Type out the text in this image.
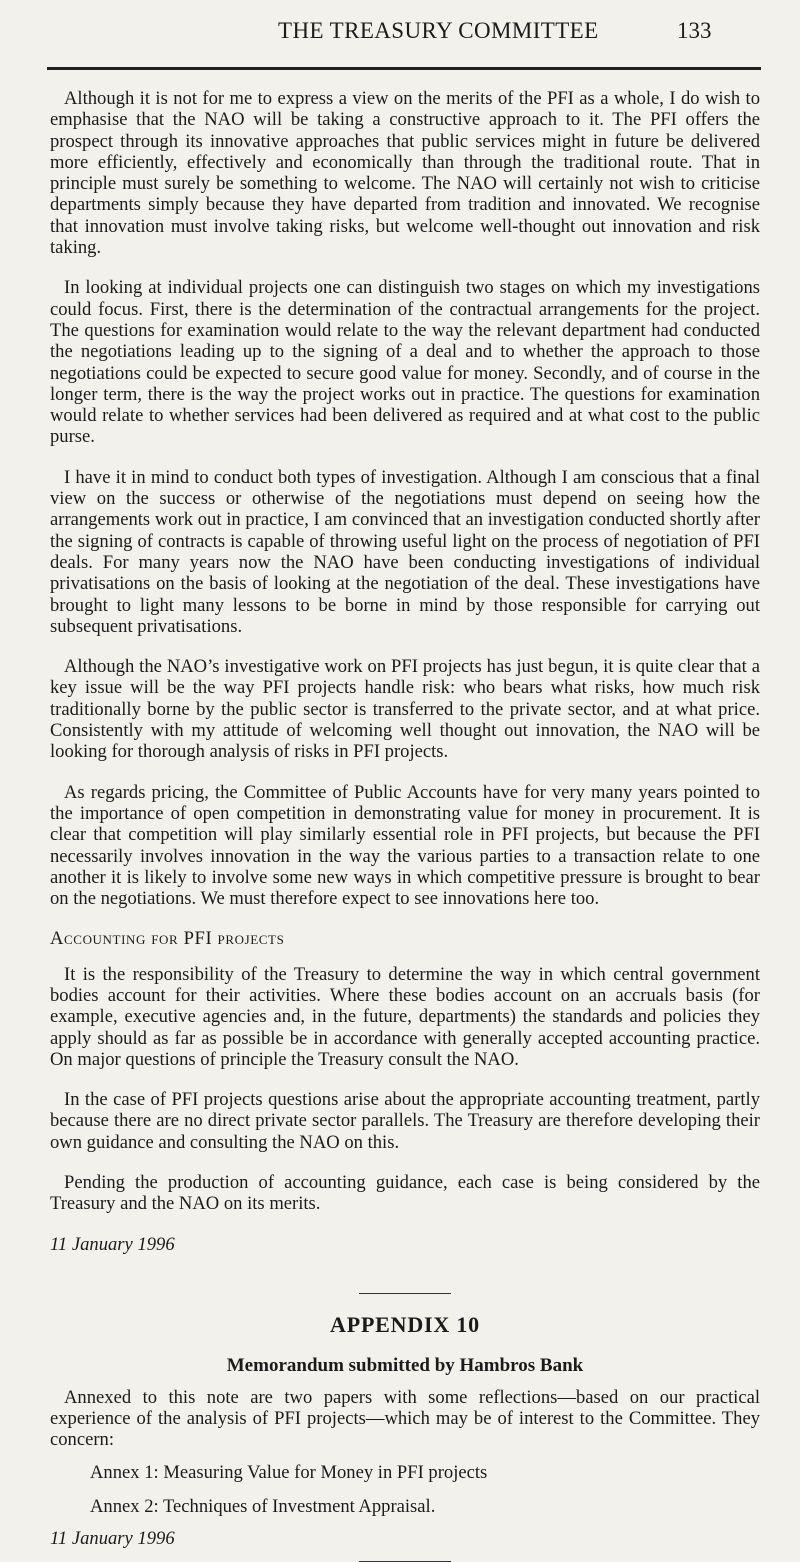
THE TREASURY COMMITTEE	133

Although it is not for me to express a view on the merits of the PFI as a whole, I do wish to emphasise that the NAO will be taking a constructive approach to it. The PFI offers the prospect through its innovative approaches that public services might in future be delivered more efficiently, effectively and economically than through the traditional route. That in principle must surely be something to welcome. The NAO will certainly not wish to criticise departments simply because they have departed from tradition and innovated. We recognise that innovation must involve taking risks, but welcome well-thought out innovation and risk taking.

In looking at individual projects one can distinguish two stages on which my investigations could focus. First, there is the determination of the contractual arrangements for the project. The questions for examination would relate to the way the relevant department had conducted the negotiations leading up to the signing of a deal and to whether the approach to those negotiations could be expected to secure good value for money. Secondly, and of course in the longer term, there is the way the project works out in practice. The questions for examination would relate to whether services had been delivered as required and at what cost to the public purse.

I have it in mind to conduct both types of investigation. Although I am conscious that a final view on the success or otherwise of the negotiations must depend on seeing how the arrangements work out in practice, I am convinced that an investigation conducted shortly after the signing of contracts is capable of throwing useful light on the process of negotiation of PFI deals. For many years now the NAO have been conducting investigations of individual privatisations on the basis of looking at the negotiation of the deal. These investigations have brought to light many lessons to be borne in mind by those responsible for carrying out subsequent privatisations.

Although the NAO’s investigative work on PFI projects has just begun, it is quite clear that a key issue will be the way PFI projects handle risk: who bears what risks, how much risk traditionally borne by the public sector is transferred to the private sector, and at what price. Consistently with my attitude of welcoming well thought out innovation, the NAO will be looking for thorough analysis of risks in PFI projects.

As regards pricing, the Committee of Public Accounts have for very many years pointed to the importance of open competition in demonstrating value for money in procurement. It is clear that competition will play similarly essential role in PFI projects, but because the PFI necessarily involves innovation in the way the various parties to a transaction relate to one another it is likely to involve some new ways in which competitive pressure is brought to bear on the negotiations. We must therefore expect to see innovations here too.

Accounting for PFI projects

It is the responsibility of the Treasury to determine the way in which central government bodies account for their activities. Where these bodies account on an accruals basis (for example, executive agencies and, in the future, departments) the standards and policies they apply should as far as possible be in accordance with generally accepted accounting practice. On major questions of principle the Treasury consult the NAO.

In the case of PFI projects questions arise about the appropriate accounting treatment, partly because there are no direct private sector parallels. The Treasury are therefore developing their own guidance and consulting the NAO on this.

Pending the production of accounting guidance, each case is being considered by the Treasury and the NAO on its merits.

11 January 1996
APPENDIX 10
Memorandum submitted by Hambros Bank

Annexed to this note are two papers with some reflections—based on our practical experience of the analysis of PFI projects—which may be of interest to the Committee. They concern:

Annex 1: Measuring Value for Money in PFI projects
Annex 2: Techniques of Investment Appraisal.
11 January 1996
